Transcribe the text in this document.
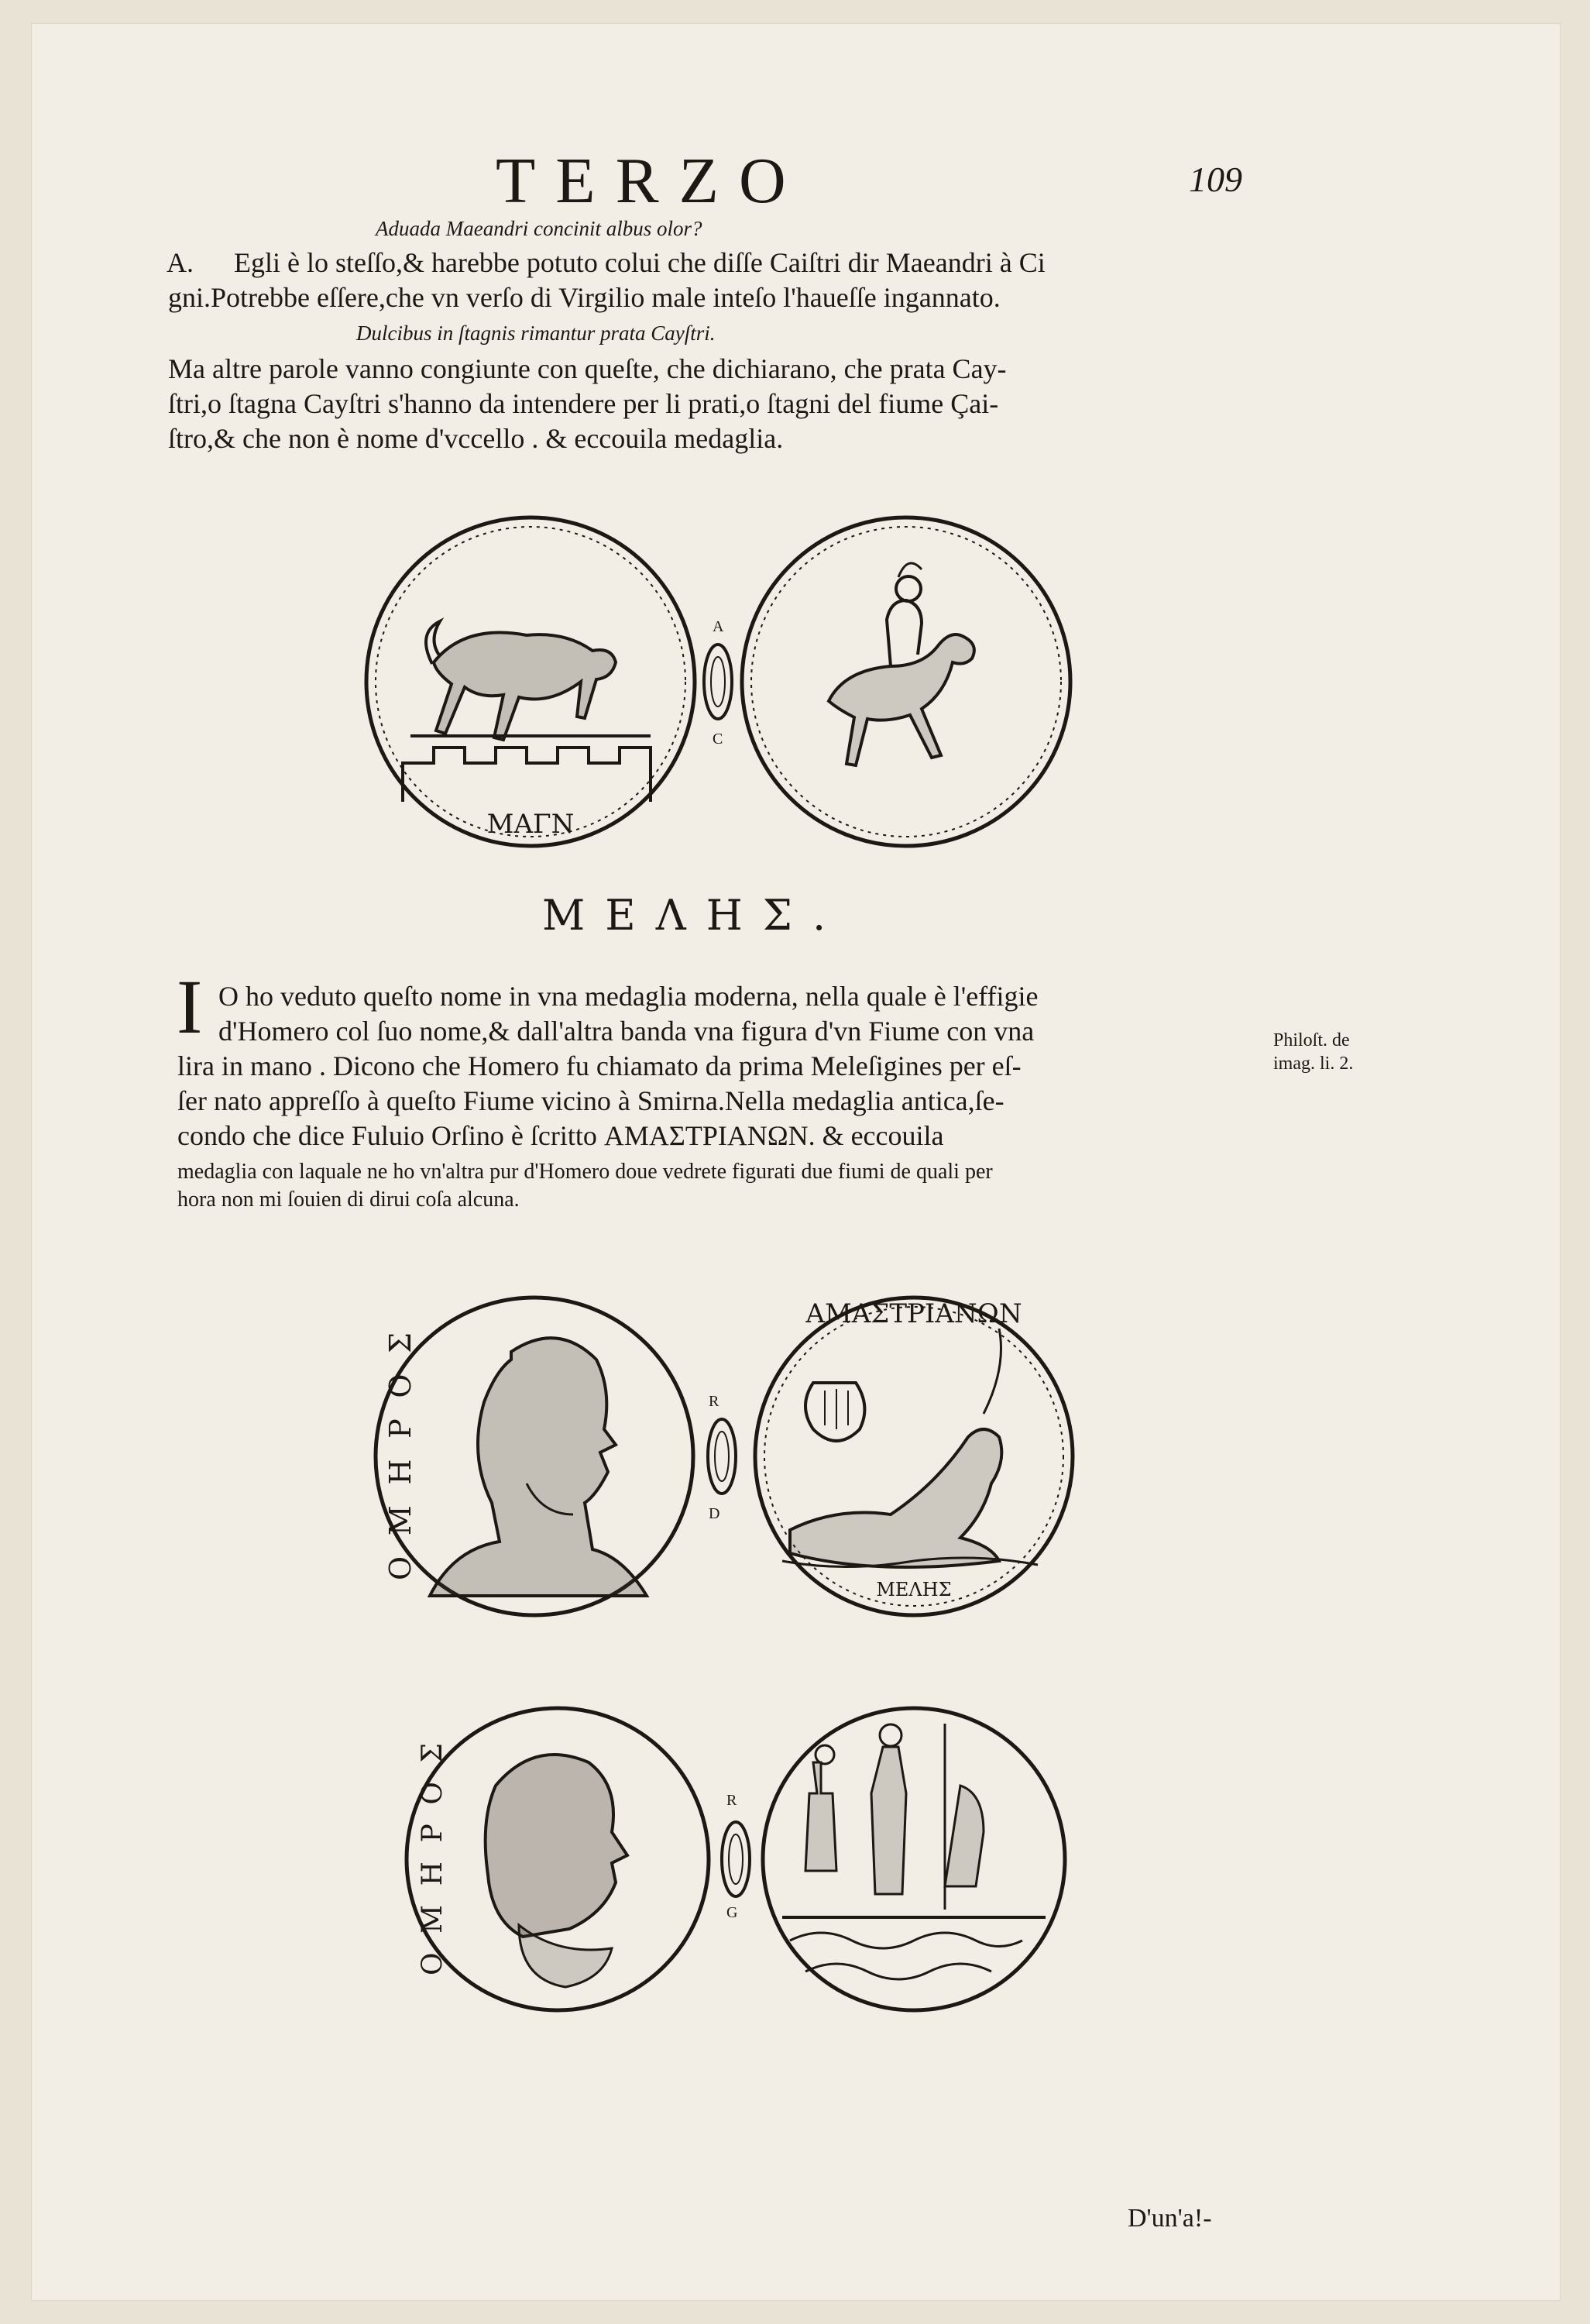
TERZO	109
Aduada Maeandri concinit albus olor?
A. Egli è lo steſſo,& harebbe potuto colui che diſſe Caiſtri dir Maeandri à Ci
gni.Potrebbe eſſere,che vn verſo di Virgilio male inteſo l'haueſſe ingannato.
Dulcibus in ſtagnis rimantur prata Cayſtri.
Ma altre parole vanno congiunte con queſte, che dichiarano, che prata Cay-
ſtri,o ſtagna Cayſtri s'hanno da intendere per li prati,o ſtagni del fiume Çai-
ſtro,& che non è nome d'vccello . & eccouila medaglia.
ΜΑΓΝ
A
C
ΜΕΛΗΣ.
I O ho veduto queſto nome in vna medaglia moderna, nella quale è l'effigie
d'Homero col ſuo nome,& dall'altra banda vna figura d'vn Fiume con vna
lira in mano . Dicono che Homero fu chiamato da prima Meleſigines per eſ-
ſer nato appreſſo à queſto Fiume vicino à Smirna.Nella medaglia antica,ſe-
condo che dice Fuluio Orſino è ſcritto ΑΜΑΣΤΡΙΑΝΩΝ. & eccouila
medaglia con laquale ne ho vn'altra pur d'Homero doue vedrete figurati due fiumi de quali per
hora non mi ſouien di dirui coſa alcuna.
Philoſt. de
imag. li. 2.
ΟΜΗΡΟΣ
ΑΜΑΣΤΡΙΑΝΩΝ
ΜΕΛΗΣ
R
D
ΟΜΗΡΟΣ
R
G
D'un'a!-
